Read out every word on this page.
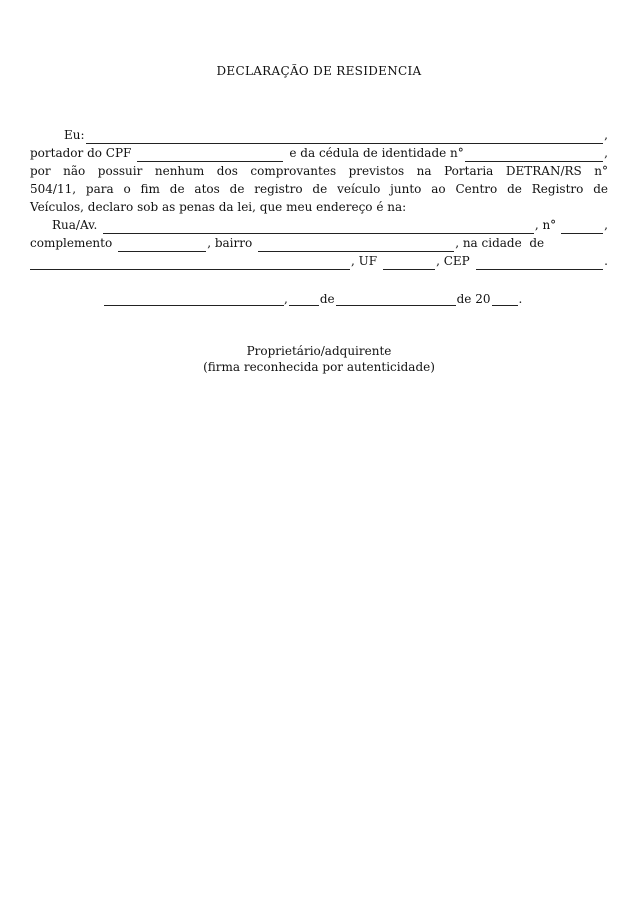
DECLARAÇÃO DE RESIDENCIA
Eu:	,
portador do CPF	e da cédula de identidade n°	,
por não possuir nenhum dos comprovantes previstos na Portaria DETRAN/RS n°
504/11, para o fim de atos de registro de veículo junto ao Centro de Registro de
Veículos, declaro sob as penas da lei, que meu endereço é na:
Rua/Av.	, n°	,
complemento	, bairro	, na cidade  de
, UF	, CEP	.
,	de	de 20 .
Proprietário/adquirente
(firma reconhecida por autenticidade)
